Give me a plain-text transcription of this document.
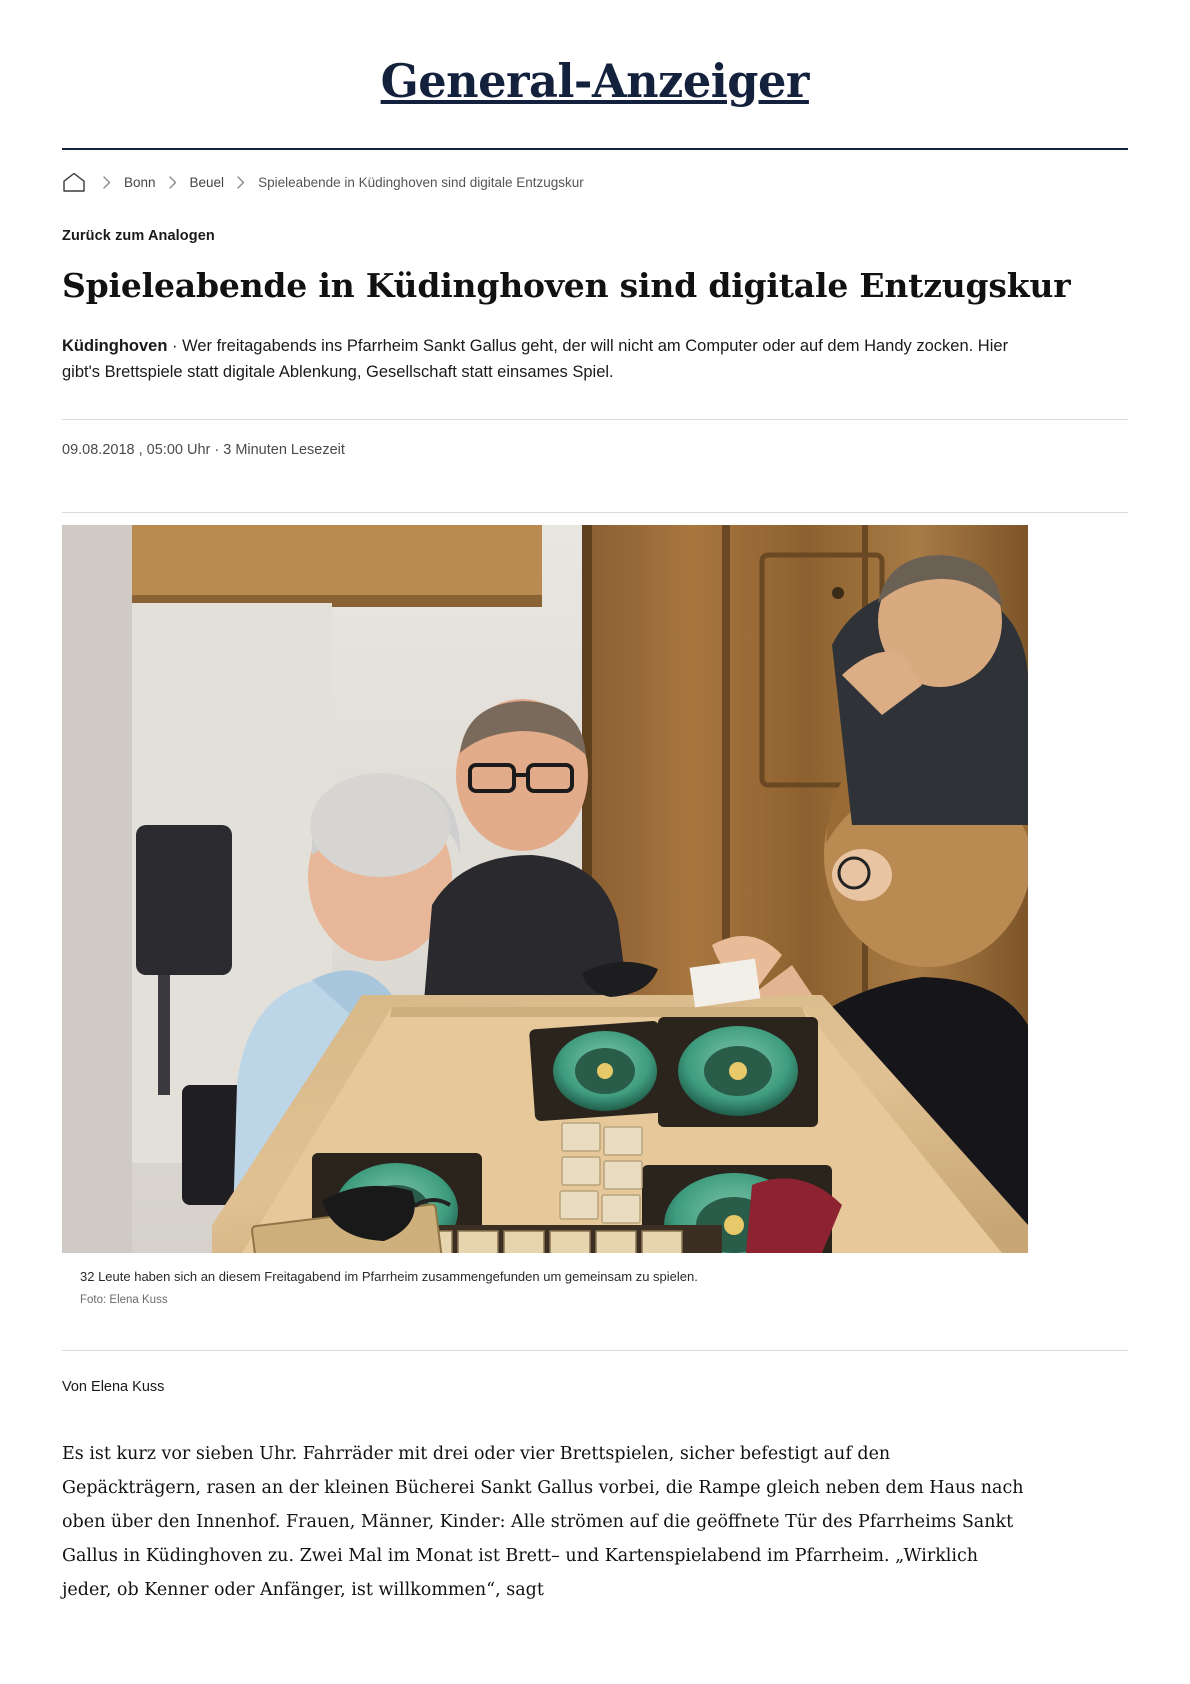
General-Anzeiger
Bonn	Beuel	Spieleabende in Küdinghoven sind digitale Entzugskur
Zurück zum Analogen
Spieleabende in Küdinghoven sind digitale Entzugskur

Küdinghoven · Wer freitagabends ins Pfarrheim Sankt Gallus geht, der will nicht am Computer oder auf dem Handy zocken. Hier gibt's Brettspiele statt digitale Ablenkung, Gesellschaft statt einsames Spiel.

09.08.2018 , 05:00 Uhr · 3 Minuten Lesezeit
32 Leute haben sich an diesem Freitagabend im Pfarrheim zusammengefunden um gemeinsam zu spielen.
Foto: Elena Kuss
Von Elena Kuss

Es ist kurz vor sieben Uhr. Fahrräder mit drei oder vier Brettspielen, sicher befestigt auf den Gepäckträgern, rasen an der kleinen Bücherei Sankt Gallus vorbei, die Rampe gleich neben dem Haus nach oben über den Innenhof. Frauen, Männer, Kinder: Alle strömen auf die geöffnete Tür des Pfarrheims Sankt Gallus in Küdinghoven zu. Zwei Mal im Monat ist Brett– und Kartenspielabend im Pfarrheim. „Wirklich jeder, ob Kenner oder Anfänger, ist willkommen“, sagt
